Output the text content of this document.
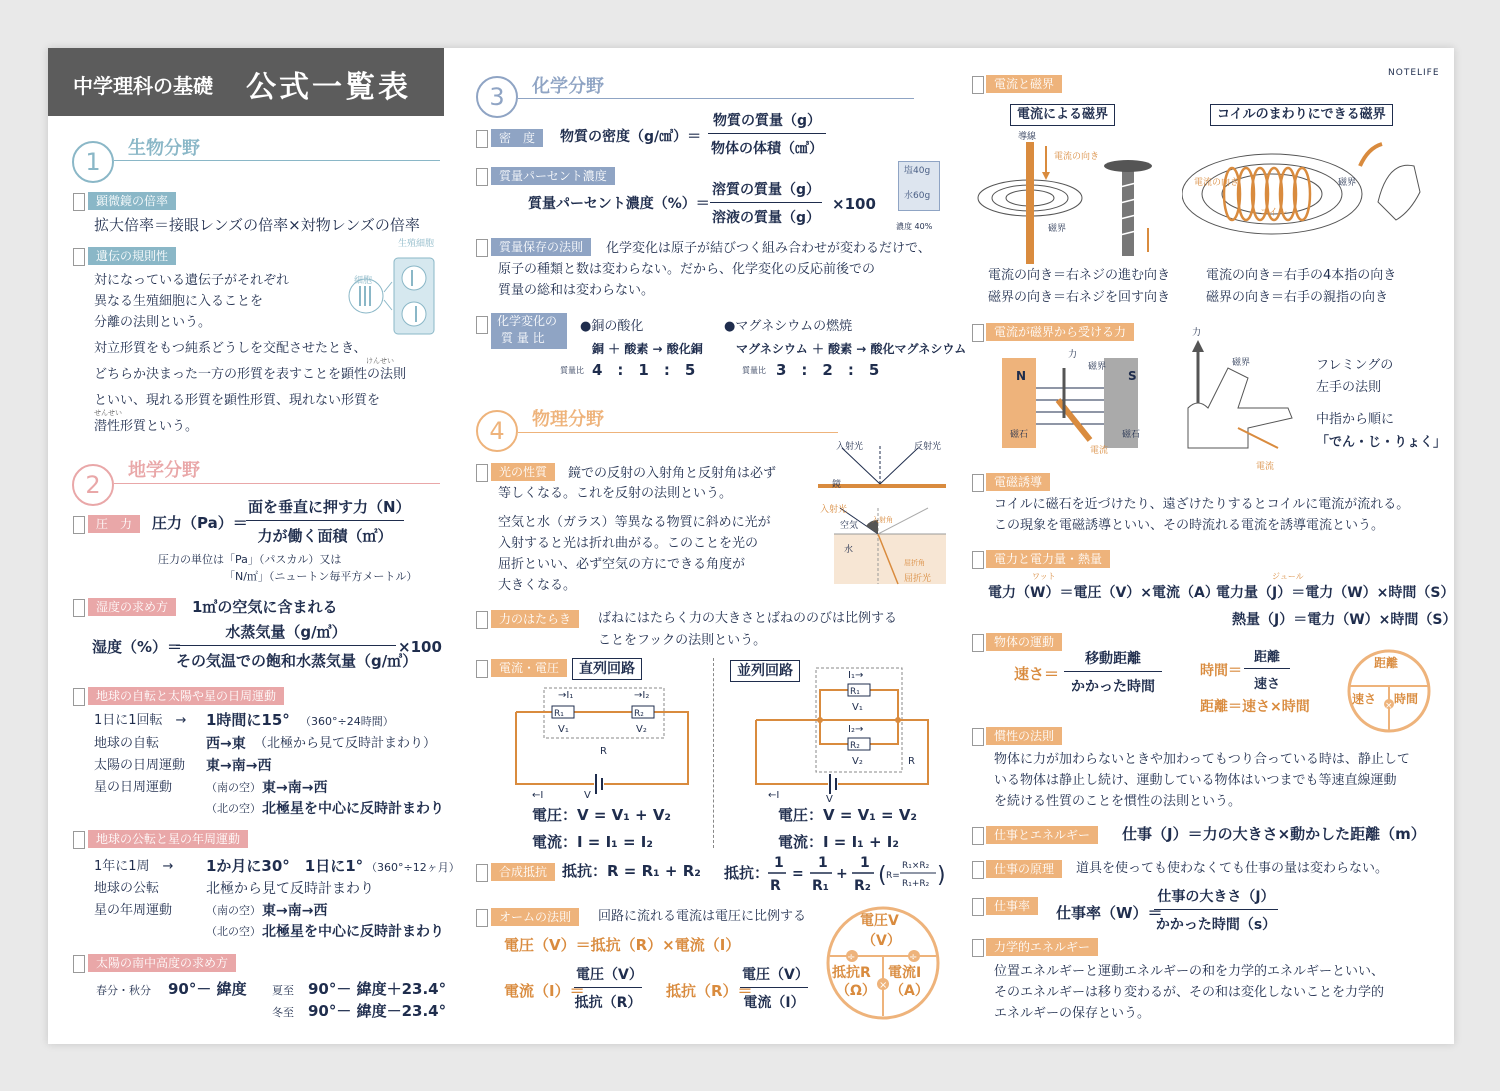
中学理科の基礎 公式一覧表	NOTELIFE
1	生物分野
顕微鏡の倍率
拡大倍率＝接眼レンズの倍率×対物レンズの倍率
遺伝の規則性
対になっている遺伝子がそれぞれ
異なる生殖細胞に入ることを
分離の法則という。
対立形質をもつ純系どうしを交配させたとき、
けんせい
どちらか決まった一方の形質を表すことを顕性の法則
といい、現れる形質を顕性形質、現れない形質を
せんせい
潜性形質という。
生殖細胞
細胞
2
地学分野
圧　力	圧力（Pa）＝
面を垂直に押す力（N）
力が働く面積（㎡）
圧力の単位は「Pa」（パスカル）又は
「N/㎡」（ニュートン毎平方メートル）
湿度の求め方	1㎥の空気に含まれる
湿度（%）＝
水蒸気量（g/㎥）
その気温での飽和水蒸気量（g/㎥）
×100
地球の自転と太陽や星の日周運動
1日に1回転　→ 1時間に15° （360°÷24時間）
地球の自転	西→東 （北極から見て反時計まわり）
太陽の日周運動 東→南→西
星の日周運動	（南の空） 東→南→西
（北の空） 北極星を中心に反時計まわり
地球の公転と星の年周運動
1年に1周　→ 1か月に30°　1日に1° （360°÷12ヶ月）
地球の公転	北極から見て反時計まわり
星の年周運動	（南の空） 東→南→西
（北の空） 北極星を中心に反時計まわり
太陽の南中高度の求め方
春分・秋分 90°－ 緯度 夏至 90°－ 緯度＋23.4°
冬至 90°－ 緯度－23.4°
3	化学分野
密　度	物質の密度（g/㎤）＝
物質の質量（g）
物体の体積（㎤）
質量パーセント濃度
質量パーセント濃度（%）＝
溶質の質量（g）
溶液の質量（g）
×100
塩40g
水60g
濃度 40%
質量保存の法則	化学変化は原子が結びつく組み合わせが変わるだけで、
原子の種類と数は変わらない。だから、化学変化の反応前後での
質量の総和は変わらない。
化学変化の
質 量 比
●銅の酸化
銅 ＋ 酸素 → 酸化銅
質量比 4　:　1　:　5
●マグネシウムの燃焼
マグネシウム ＋ 酸素 → 酸化マグネシウム
質量比 3　:　2　:　5
4	物理分野
光の性質	鏡での反射の入射角と反射角は必ず
等しくなる。これを反射の法則という。
空気と水（ガラス）等異なる物質に斜めに光が
入射すると光は折れ曲がる。このことを光の
屈折といい、必ず空気の方にできる角度が
大きくなる。
入射光	反射光
鏡
入射光
空気
水
入射角
屈折角
屈折光
力のはたらき	ばねにはたらく力の大きさとばねののびは比例する
ことをフックの法則という。
電流・電圧	直列回路	並列回路
R₁	R₂
→I₁	→I₂
V₁	V₂
R
←I	V
R₁
R₂
I₁→
I₂→
V₁
V₂	R
←I	V
電圧：V = V₁ + V₂
電流：I = I₁ = I₂
電圧：V = V₁ = V₂
電流：I = I₁ + I₂
合成抵抗 抵抗：R = R₁ + R₂ 抵抗：
1
R
=
1
R₁
+
1
R₂ ( R=
R₁×R₂
R₁+R₂ )
オームの法則	回路に流れる電流は電圧に比例する
電圧（V）＝抵抗（R）×電流（I）
電流（I）＝
電圧（V）
抵抗（R）
抵抗（R）＝
電圧（V）
電流（I）
÷	÷
×
電圧V
（V）
抵抗R
（Ω）
電流I
（A）
電流と磁界
電流による磁界	コイルのまわりにできる磁界
導線
電流の向き
磁界
電流の向き
コイル
磁界
電流の向き＝右ネジの進む向き
磁界の向き＝右ネジを回す向き
電流の向き＝右手の4本指の向き
磁界の向き＝右手の親指の向き
電流が磁界から受ける力
N	S
磁石	磁石
磁界
力
電流
力
磁界
電流
フレミングの
左手の法則
中指から順に
「でん・じ・りょく」
電磁誘導
コイルに磁石を近づけたり、遠ざけたりするとコイルに電流が流れる。
この現象を電磁誘導といい、その時流れる電流を誘導電流という。
電力と電力量・熱量
ワット	ジュール
電力（W）＝電圧（V）×電流（A）
電力量（J）＝電力（W）×時間（S）
熱量（J）＝電力（W）×時間（S）
物体の運動
速さ＝
移動距離
かかった時間
時間＝
距離
速さ
距離＝速さ×時間	×
距離
速さ 時間
慣性の法則
物体に力が加わらないときや加わってもつり合っている時は、静止して
いる物体は静止し続け、運動している物体はいつまでも等速直線運動
を続ける性質のことを慣性の法則という。
仕事とエネルギー	仕事（J）＝力の大きさ×動かした距離（m）
仕事の原理	道具を使っても使わなくても仕事の量は変わらない。
仕事率	仕事率（W）＝
仕事の大きさ（J）
かかった時間（s）
力学的エネルギー
位置エネルギーと運動エネルギーの和を力学的エネルギーといい、
そのエネルギーは移り変わるが、その和は変化しないことを力学的
エネルギーの保存という。
